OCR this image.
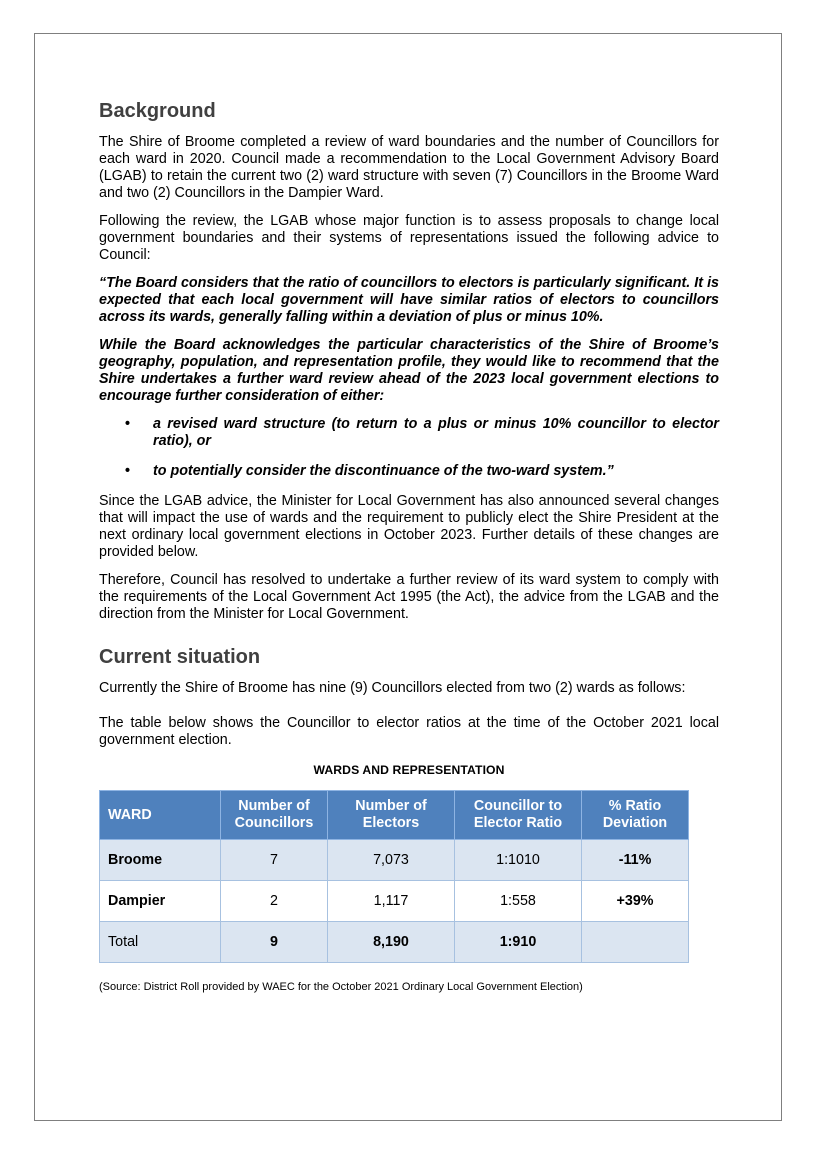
Background

The Shire of Broome completed a review of ward boundaries and the number of Councillors for each ward in 2020. Council made a recommendation to the Local Government Advisory Board (LGAB) to retain the current two (2) ward structure with seven (7) Councillors in the Broome Ward and two (2) Councillors in the Dampier Ward.

Following the review, the LGAB whose major function is to assess proposals to change local government boundaries and their systems of representations issued the following advice to Council:

“The Board considers that the ratio of councillors to electors is particularly significant. It is expected that each local government will have similar ratios of electors to councillors across its wards, generally falling within a deviation of plus or minus 10%.

While the Board acknowledges the particular characteristics of the Shire of Broome’s geography, population, and representation profile, they would like to recommend that the Shire undertakes a further ward review ahead of the 2023 local government elections to encourage further consideration of either:

• a revised ward structure (to return to a plus or minus 10% councillor to elector ratio), or
• to potentially consider the discontinuance of the two-ward system.”

Since the LGAB advice, the Minister for Local Government has also announced several changes that will impact the use of wards and the requirement to publicly elect the Shire President at the next ordinary local government elections in October 2023. Further details of these changes are provided below.

Therefore, Council has resolved to undertake a further review of its ward system to comply with the requirements of the Local Government Act 1995 (the Act), the advice from the LGAB and the direction from the Minister for Local Government.

Current situation

Currently the Shire of Broome has nine (9) Councillors elected from two (2) wards as follows:

The table below shows the Councillor to elector ratios at the time of the October 2021 local government election.

WARDS AND REPRESENTATION
WARD	Number of Councillors	Number of Electors	Councillor to Elector Ratio	% Ratio Deviation
Broome	7	7,073	1:1010	-11%
Dampier	2	1,117	1:558	+39%
Total	9	8,190	1:910	
(Source: District Roll provided by WAEC for the October 2021 Ordinary Local Government Election)
